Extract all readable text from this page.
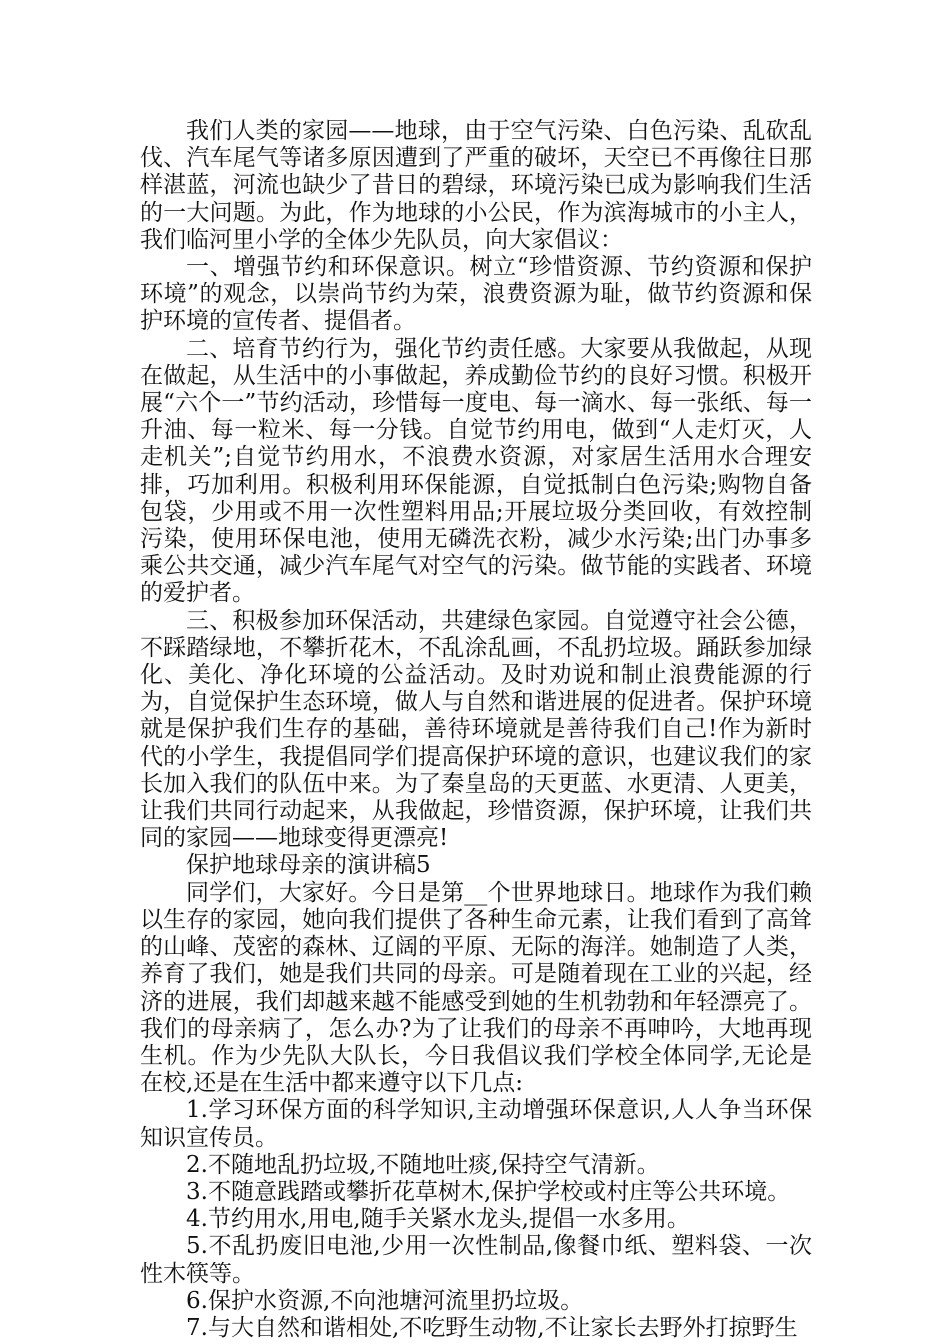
我们人类的家园——地球，由于空气污染、白色污染、乱砍乱伐、汽车尾气等诸多原因遭到了严重的破坏，天空已不再像往日那样湛蓝，河流也缺少了昔日的碧绿，环境污染已成为影响我们生活的一大问题。为此，作为地球的小公民，作为滨海城市的小主人，我们临河里小学的全体少先队员，向大家倡议：

一、增强节约和环保意识。树立“珍惜资源、节约资源和保护环境”的观念，以崇尚节约为荣，浪费资源为耻，做节约资源和保护环境的宣传者、提倡者。

二、培育节约行为，强化节约责任感。大家要从我做起，从现在做起，从生活中的小事做起，养成勤俭节约的良好习惯。积极开展“六个一”节约活动，珍惜每一度电、每一滴水、每一张纸、每一升油、每一粒米、每一分钱。自觉节约用电，做到“人走灯灭，人走机关”;自觉节约用水，不浪费水资源，对家居生活用水合理安排，巧加利用。积极利用环保能源，自觉抵制白色污染;购物自备包袋，少用或不用一次性塑料用品;开展垃圾分类回收，有效控制污染，使用环保电池，使用无磷洗衣粉，减少水污染;出门办事多乘公共交通，减少汽车尾气对空气的污染。做节能的实践者、环境的爱护者。

三、积极参加环保活动，共建绿色家园。自觉遵守社会公德，不踩踏绿地，不攀折花木，不乱涂乱画，不乱扔垃圾。踊跃参加绿化、美化、净化环境的公益活动。及时劝说和制止浪费能源的行为，自觉保护生态环境，做人与自然和谐进展的促进者。保护环境就是保护我们生存的基础，善待环境就是善待我们自己!作为新时代的小学生，我提倡同学们提高保护环境的意识，也建议我们的家长加入我们的队伍中来。为了秦皇岛的天更蓝、水更清、人更美，让我们共同行动起来，从我做起，珍惜资源，保护环境，让我们共同的家园——地球变得更漂亮!

保护地球母亲的演讲稿5

同学们，大家好。今日是第__个世界地球日。地球作为我们赖以生存的家园，她向我们提供了各种生命元素，让我们看到了高耸的山峰、茂密的森林、辽阔的平原、无际的海洋。她制造了人类，养育了我们，她是我们共同的母亲。可是随着现在工业的兴起，经济的进展，我们却越来越不能感受到她的生机勃勃和年轻漂亮了。我们的母亲病了，怎么办?为了让我们的母亲不再呻吟，大地再现生机。作为少先队大队长，今日我倡议我们学校全体同学,无论是在校,还是在生活中都来遵守以下几点:

1.学习环保方面的科学知识,主动增强环保意识,人人争当环保知识宣传员。

2.不随地乱扔垃圾,不随地吐痰,保持空气清新。

3.不随意践踏或攀折花草树木,保护学校或村庄等公共环境。

4.节约用水,用电,随手关紧水龙头,提倡一水多用。

5.不乱扔废旧电池,少用一次性制品,像餐巾纸、塑料袋、一次性木筷等。

6.保护水资源,不向池塘河流里扔垃圾。

7.与大自然和谐相处,不吃野生动物,不让家长去野外打掠野生
